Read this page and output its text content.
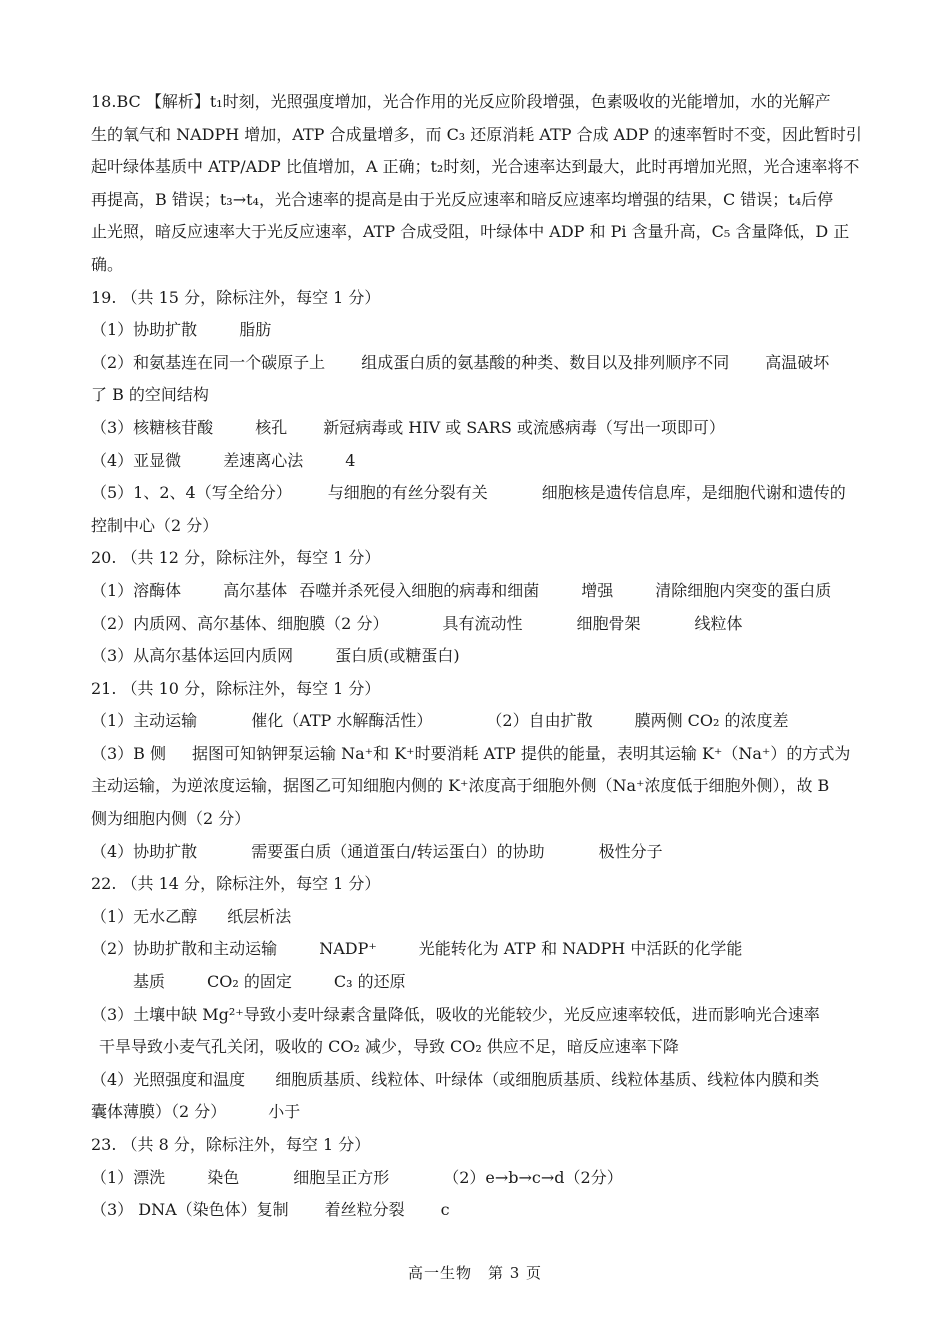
18.BC 【解析】t₁时刻，光照强度增加，光合作用的光反应阶段增强，色素吸收的光能增加，水的光解产
生的氧气和 NADPH 增加，ATP 合成量增多，而 C₃ 还原消耗 ATP 合成 ADP 的速率暂时不变，因此暂时引
起叶绿体基质中 ATP/ADP 比值增加，A 正确；t₂时刻，光合速率达到最大，此时再增加光照，光合速率将不
再提高，B 错误；t₃→t₄，光合速率的提高是由于光反应速率和暗反应速率均增强的结果，C 错误；t₄后停
止光照，暗反应速率大于光反应速率，ATP 合成受阻，叶绿体中 ADP 和 Pi 含量升高，C₅ 含量降低，D 正
确。
19. （共 15 分，除标注外，每空 1 分）
（1）协助扩散	脂肪
（2）和氨基连在同一个碳原子上 组成蛋白质的氨基酸的种类、数目以及排列顺序不同 高温破坏
了 B 的空间结构
（3）核糖核苷酸	核孔 新冠病毒或 HIV 或 SARS 或流感病毒（写出一项即可）
（4）亚显微	差速离心法	4
（5）1、2、4（写全给分） 与细胞的有丝分裂有关	细胞核是遗传信息库，是细胞代谢和遗传的
控制中心（2 分）
20. （共 12 分，除标注外，每空 1 分）
（1）溶酶体	高尔基体 吞噬并杀死侵入细胞的病毒和细菌	增强	清除细胞内突变的蛋白质
（2）内质网、高尔基体、细胞膜（2 分）	具有流动性	细胞骨架	线粒体
（3）从高尔基体运回内质网	蛋白质(或糖蛋白)
21. （共 10 分，除标注外，每空 1 分）
（1）主动运输	催化（ATP 水解酶活性）	（2）自由扩散	膜两侧 CO₂ 的浓度差
（3）B 侧 据图可知钠钾泵运输 Na⁺和 K⁺时要消耗 ATP 提供的能量，表明其运输 K⁺（Na⁺）的方式为
主动运输，为逆浓度运输，据图乙可知细胞内侧的 K⁺浓度高于细胞外侧（Na⁺浓度低于细胞外侧），故 B
侧为细胞内侧（2 分）
（4）协助扩散	需要蛋白质（通道蛋白/转运蛋白）的协助	极性分子
22. （共 14 分，除标注外，每空 1 分）
（1）无水乙醇 纸层析法
（2）协助扩散和主动运输	NADP⁺	光能转化为 ATP 和 NADPH 中活跃的化学能
基质	CO₂ 的固定	C₃ 的还原
（3）土壤中缺 Mg²⁺导致小麦叶绿素含量降低，吸收的光能较少，光反应速率较低，进而影响光合速率
干旱导致小麦气孔关闭，吸收的 CO₂ 减少，导致 CO₂ 供应不足，暗反应速率下降
（4）光照强度和温度 细胞质基质、线粒体、叶绿体（或细胞质基质、线粒体基质、线粒体内膜和类
囊体薄膜）（2 分）	小于
23. （共 8 分，除标注外，每空 1 分）
（1）漂洗	染色	细胞呈正方形	（2）e→b→c→d（2分）
（3） DNA（染色体）复制 着丝粒分裂 c
高一生物　第 3 页
